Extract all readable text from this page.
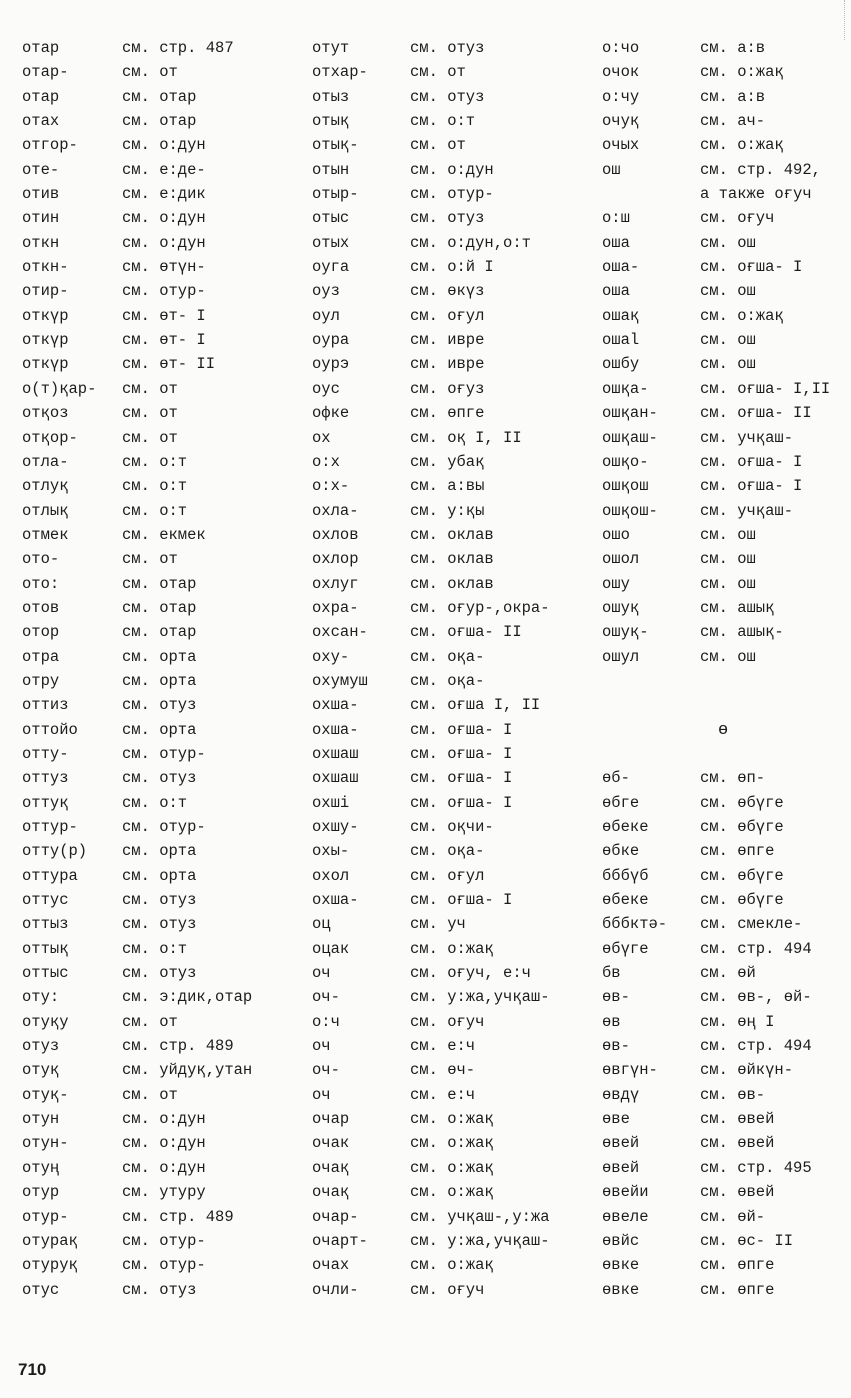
отар	см. стр. 487
отар-	см. от
отар	см. отар
отах	см. отар
отгор-	см. о:дун
оте-	см. е:де-
отив	см. е:дик
отин	см. о:дун
откн	см. о:дун
откн-	см. өтүн-
отир-	см. отур-
откүр	см. өт- I
откүр	см. өт- I
откүр	см. өт- II
о(т)қар-	см. от
отқоз	см. от
отқор-	см. от
отла-	см. о:т
отлуқ	см. о:т
отлық	см. о:т
отмек	см. екмек
ото-	см. от
ото:	см. отар
отов	см. отар
отор	см. отар
отра	см. орта
отру	см. орта
оттиз	см. отуз
оттойо	см. орта
отту-	см. отур-
оттуз	см. отуз
оттуқ	см. о:т
оттур-	см. отур-
отту(р)	см. орта
оттура	см. орта
оттус	см. отуз
оттыз	см. отуз
оттық	см. о:т
оттыс	см. отуз
оту:	см. э:дик,отар
отуқу	см. от
отуз	см. стр. 489
отуқ	см. уйдуқ,утан
отуқ-	см. от
отун	см. о:дун
отун-	см. о:дун
отуң	см. о:дун
отур	см. утуру
отур-	см. стр. 489
отурақ	см. отур-
отуруқ	см. отур-
отус	см. отуз
отут	см. отуз
отхар-	см. от
отыз	см. отуз
отық	см. о:т
отық-	см. от
отын	см. о:дун
отыр-	см. отур-
отыс	см. отуз
отых	см. о:дун,о:т
оуга	см. о:й I
оуз	см. өкүз
оул	см. оғул
оура	см. иврe
оурэ	см. иврe
оус	см. оғуз
офке	см. өпге
ох	см. оқ I, II
о:х	см. убақ
о:х-	см. а:вы
охла-	см. у:қы
охлов	см. оклав
охлор	см. оклав
охлуг	см. оклав
охра-	см. оғур-,окра-
охсан-	см. оғша- II
оху-	см. оқа-
охумуш	см. оқа-
охша-	см. оғша I, II
охша-	см. оғша- I
охшаш	см. оғша- I
охшаш	см. оғша- I
охшi	см. оғша- I
охшу-	см. оқчи-
охы-	см. оқа-
охол	см. оғул
охша-	см. оғша- I
оц	см. уч
оцак	см. о:жақ
оч	см. оғуч, е:ч
оч-	см. у:жа,учқаш-
о:ч	см. оғуч
оч	см. е:ч
оч-	см. өч-
оч	см. е:ч
очар	см. о:жақ
очак	см. о:жақ
очақ	см. о:жақ
очақ	см. о:жақ
очар-	см. учқаш-,у:жа
очарт-	см. у:жа,учқаш-
очах	см. о:жақ
очли-	см. оғуч
о:чо	см. а:в
очок	см. о:жақ
о:чу	см. а:в
очуқ	см. ач-
очых	см. о:жақ
ош	см. стр. 492,
а также оғуч
о:ш	см. оғуч
оша	см. ош
оша-	см. оғша- I
оша	см. ош
ошақ	см. о:жақ
ошаl	см. ош
ошбу	см. ош
ошқа-	см. оғша- I,II
ошқан-	см. оғша- II
ошқаш-	см. учқаш-
ошқо-	см. оғша- I
ошқош	см. оғша- I
ошқош-	см. учқаш-
ошо	см. ош
ошол	см. ош
ошу	см. ош
ошуқ	см. ашық
ошуқ-	см. ашық-
ошул	см. ош
өб-	см. өп-
өбге	см. өбүге
өбеке	см. өбүге
өбке	см. өпге
бббүб	см. өбүге
өбеке	см. өбүге
бббктә-	см. смекле-
өбүге	см. стр. 494
бв	см. өй
өв-	см. өв-, өй-
өв	см. өң I
өв-	см. стр. 494
өвгүн-	см. өйкүн-
өвдү	см. өв-
өве	см. өвей
өвей	см. өвей
өвей	см. стр. 495
өвейи	см. өвей
өвеле	см. өй-
өвйс	см. өс- II
өвке	см. өпге
өвке	см. өпге
ө
710
